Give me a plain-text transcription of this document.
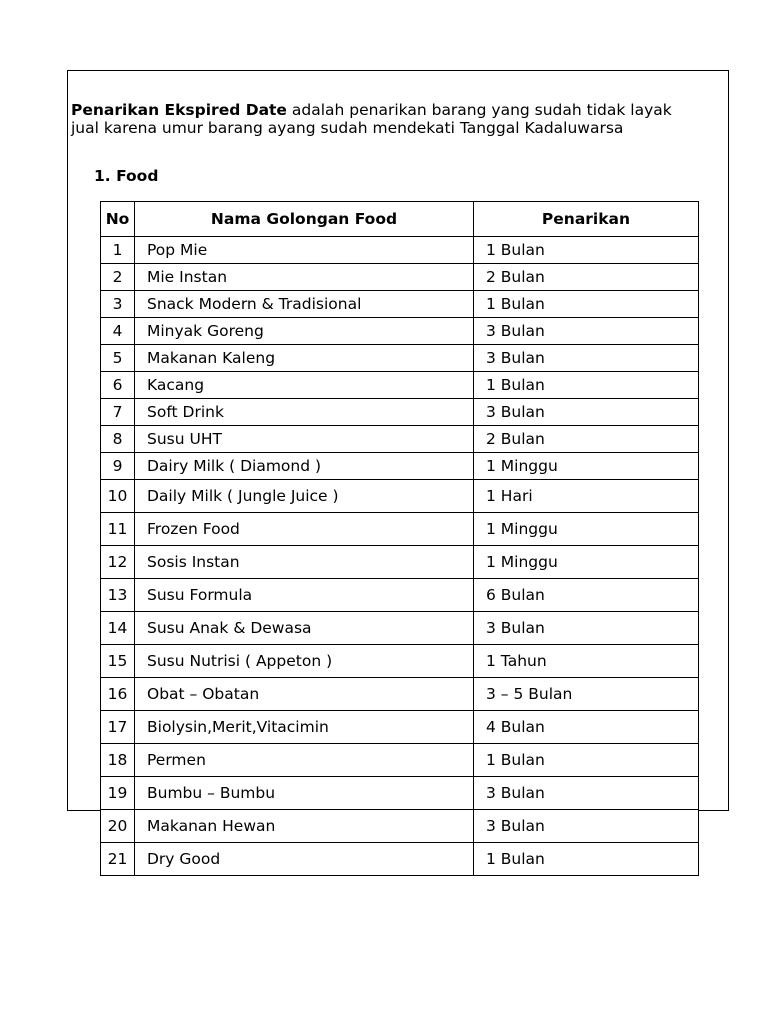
Penarikan Ekspired Date adalah penarikan barang yang sudah tidak layak jual karena umur barang ayang sudah mendekati Tanggal Kadaluwarsa

1. Food

No	Nama Golongan Food	Penarikan
1	Pop Mie	1 Bulan
2	Mie Instan	2 Bulan
3	Snack Modern & Tradisional	1 Bulan
4	Minyak Goreng	3 Bulan
5	Makanan Kaleng	3 Bulan
6	Kacang	1 Bulan
7	Soft Drink	3 Bulan
8	Susu UHT	2 Bulan
9	Dairy Milk ( Diamond )	1 Minggu
10	Daily Milk ( Jungle Juice )	1 Hari
11	Frozen Food	1 Minggu
12	Sosis Instan	1 Minggu
13	Susu Formula	6 Bulan
14	Susu Anak & Dewasa	3 Bulan
15	Susu Nutrisi ( Appeton )	1 Tahun
16	Obat – Obatan	3 – 5 Bulan
17	Biolysin,Merit,Vitacimin	4 Bulan
18	Permen	1 Bulan
19	Bumbu – Bumbu	3 Bulan
20	Makanan Hewan	3 Bulan
21	Dry Good	1 Bulan
